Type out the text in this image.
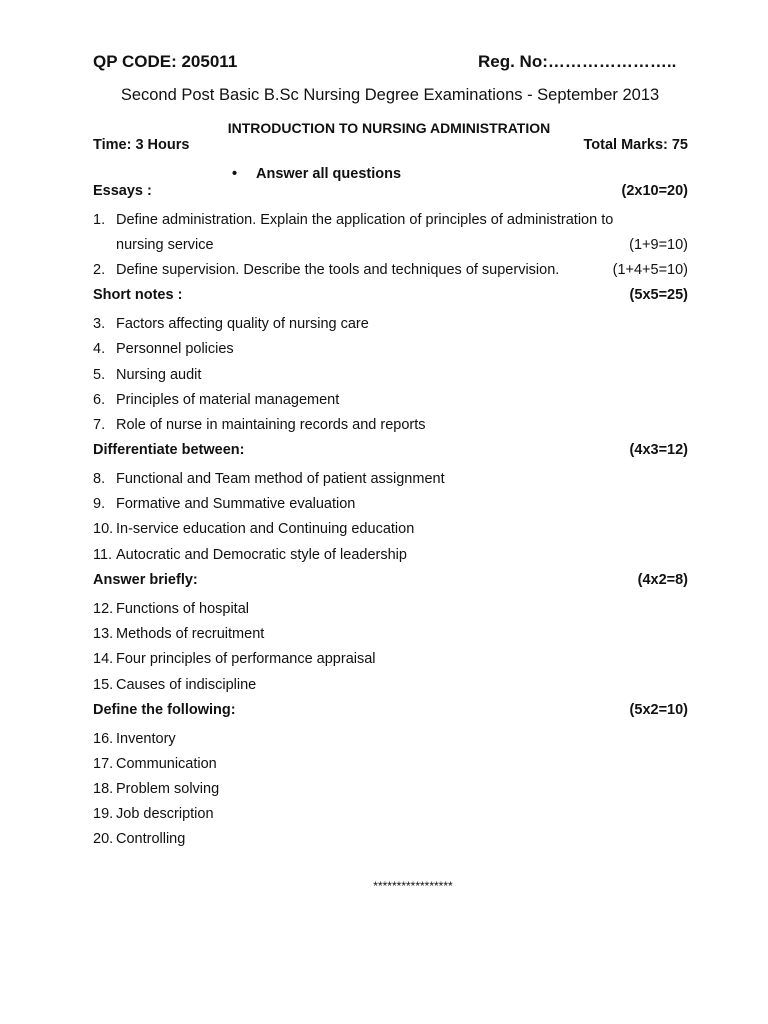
QP CODE: 205011	Reg. No:…………………..
Second Post Basic B.Sc Nursing Degree Examinations - September 2013
INTRODUCTION TO NURSING ADMINISTRATION
Time: 3 Hours	Total Marks: 75
• Answer all questions
Essays :	(2x10=20)
1. Define administration. Explain the application of principles of administration to
nursing service	(1+9=10)
2. Define supervision. Describe the tools and techniques of supervision.	(1+4+5=10)
Short notes :	(5x5=25)
3. Factors affecting quality of nursing care
4. Personnel policies
5. Nursing audit
6. Principles of material management
7. Role of nurse in maintaining records and reports
Differentiate between:	(4x3=12)
8. Functional and Team method of patient assignment
9. Formative and Summative evaluation
10. In-service education and Continuing education
11. Autocratic and Democratic style of leadership
Answer briefly:	(4x2=8)
12. Functions of hospital
13. Methods of recruitment
14. Four principles of performance appraisal
15. Causes of indiscipline
Define the following:	(5x2=10)
16. Inventory
17. Communication
18. Problem solving
19. Job description
20. Controlling
*****************
